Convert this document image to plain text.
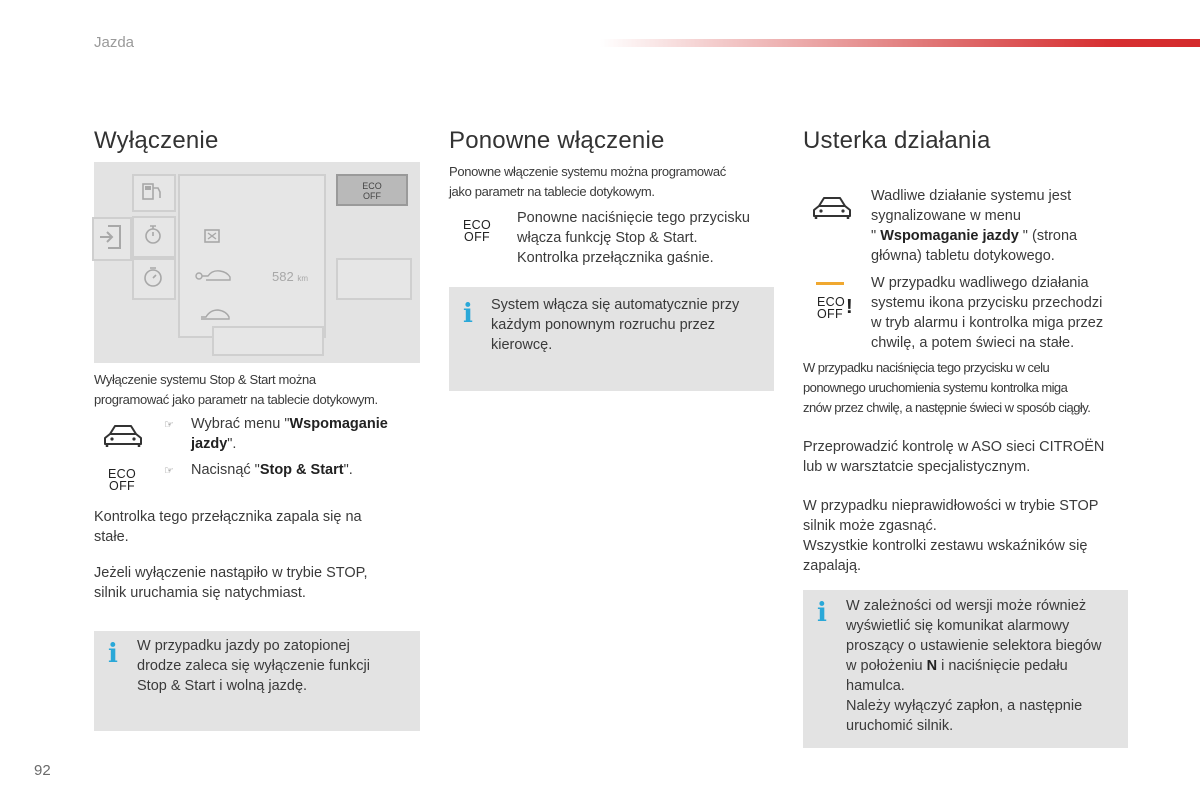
Jazda
Wyłączenie
ECO
OFF
582 km
Wyłączenie systemu Stop & Start można
programować jako parametr na tablecie dotykowym.
☞ Wybrać menu "Wspomaganie
jazdy".
ECO
OFF
☞ Nacisnąć "Stop & Start".
Kontrolka tego przełącznika zapala się na
stałe.
Jeżeli wyłączenie nastąpiło w trybie STOP,
silnik uruchamia się natychmiast.
i W przypadku jazdy po zatopionej
drodze zaleca się wyłączenie funkcji
Stop & Start i wolną jazdę.
Ponowne włączenie
Ponowne włączenie systemu można programować
jako parametr na tablecie dotykowym.
ECO
OFF
Ponowne naciśnięcie tego przycisku
włącza funkcję Stop & Start.
Kontrolka przełącznika gaśnie.
i System włącza się automatycznie przy
każdym ponownym rozruchu przez
kierowcę.
Usterka działania
Wadliwe działanie systemu jest
sygnalizowane w menu
" Wspomaganie jazdy " (strona
główna) tabletu dotykowego.
ECO
OFF !
W przypadku wadliwego działania
systemu ikona przycisku przechodzi
w tryb alarmu i kontrolka miga przez
chwilę, a potem świeci na stałe.
W przypadku naciśnięcia tego przycisku w celu
ponownego uruchomienia systemu kontrolka miga
znów przez chwilę, a następnie świeci w sposób ciągły.
Przeprowadzić kontrolę w ASO sieci CITROËN
lub w warsztatcie specjalistycznym.
W przypadku nieprawidłowości w trybie STOP
silnik może zgasnąć.
Wszystkie kontrolki zestawu wskaźników się
zapalają.
i W zależności od wersji może również
wyświetlić się komunikat alarmowy
proszący o ustawienie selektora biegów
w położeniu N i naciśnięcie pedału
hamulca.
Należy wyłączyć zapłon, a następnie
uruchomić silnik.
92
